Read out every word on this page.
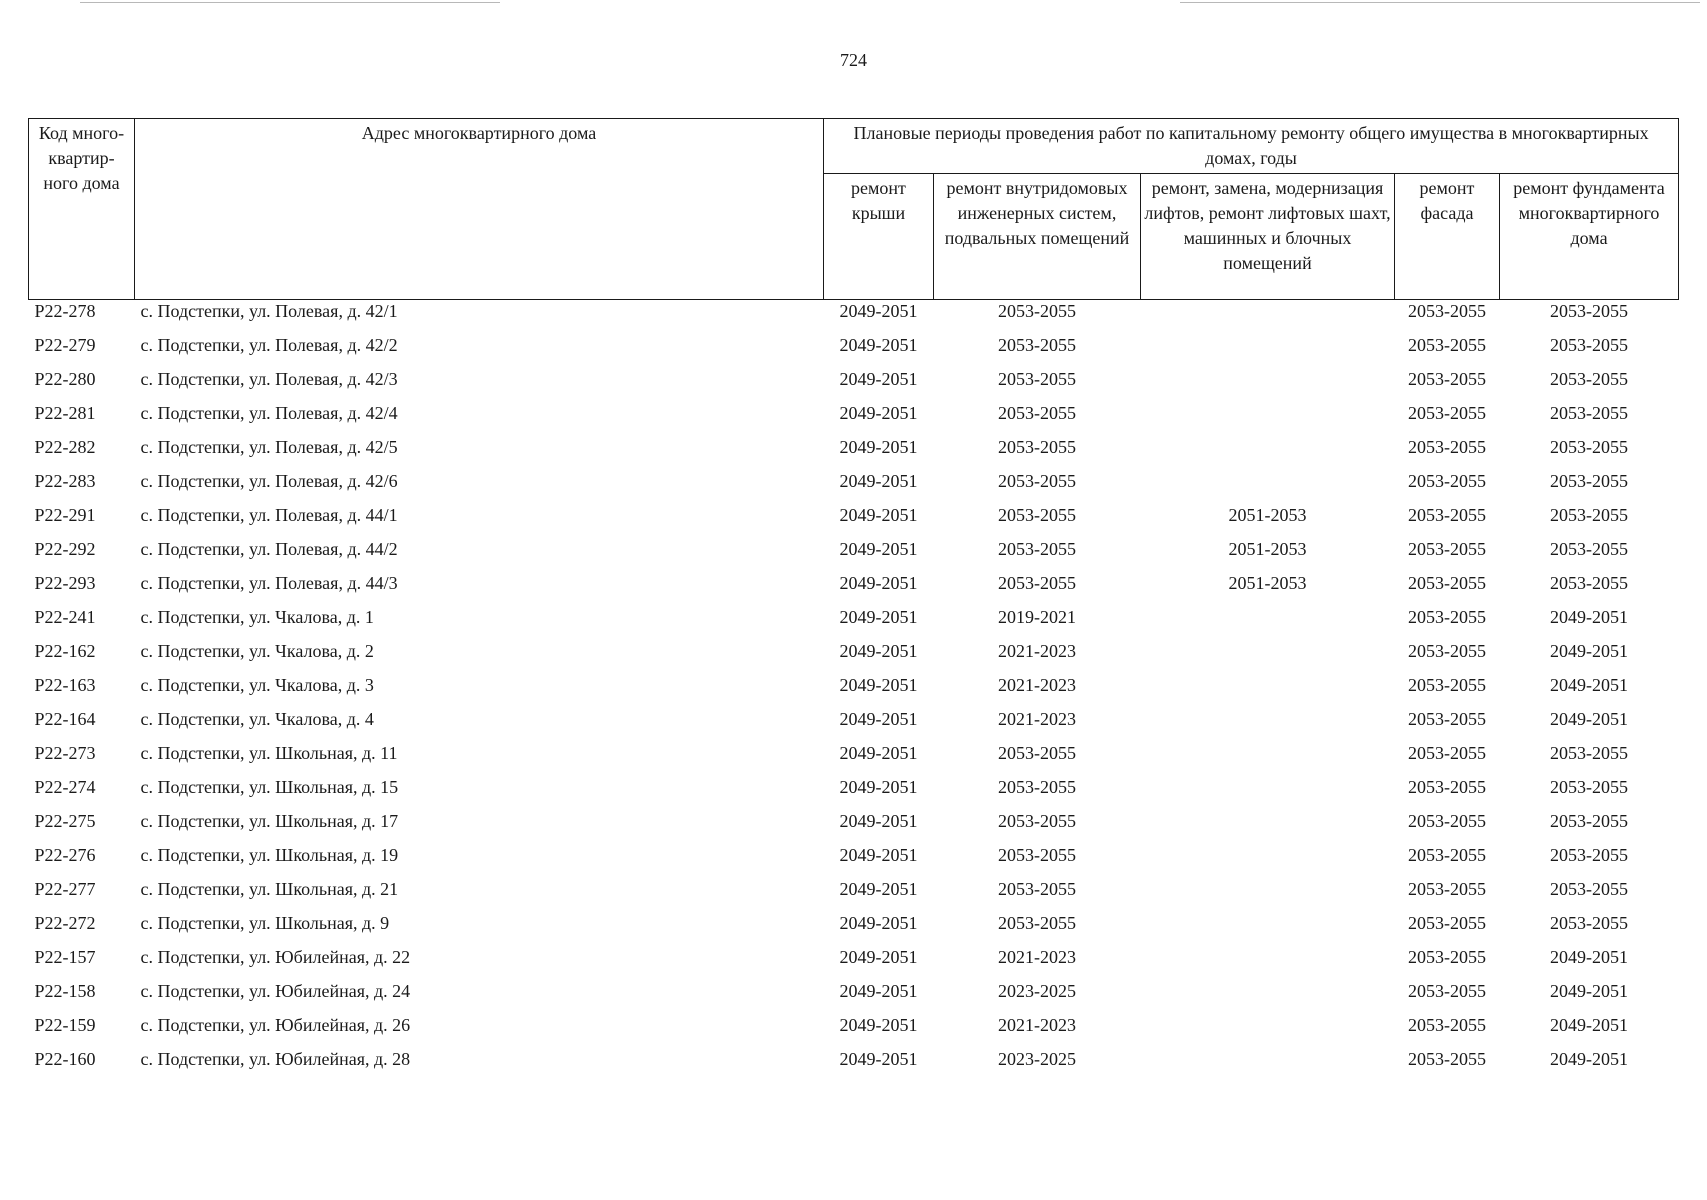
724
Код много-квартир-ного дома	Адрес многоквартирного дома	Плановые периоды проведения работ по капитальному ремонту общего имущества в многоквартирных домах, годы				
		ремонт крыши	ремонт внутридомовых инженерных систем, подвальных помещений	ремонт, замена, модернизация лифтов, ремонт лифтовых шахт, машинных и блочных помещений	ремонт фасада	ремонт фундамента многоквартирного дома
Р22-278	с. Подстепки, ул. Полевая, д. 42/1	2049-2051	2053-2055		2053-2055	2053-2055
Р22-279	с. Подстепки, ул. Полевая, д. 42/2	2049-2051	2053-2055		2053-2055	2053-2055
Р22-280	с. Подстепки, ул. Полевая, д. 42/3	2049-2051	2053-2055		2053-2055	2053-2055
Р22-281	с. Подстепки, ул. Полевая, д. 42/4	2049-2051	2053-2055		2053-2055	2053-2055
Р22-282	с. Подстепки, ул. Полевая, д. 42/5	2049-2051	2053-2055		2053-2055	2053-2055
Р22-283	с. Подстепки, ул. Полевая, д. 42/6	2049-2051	2053-2055		2053-2055	2053-2055
Р22-291	с. Подстепки, ул. Полевая, д. 44/1	2049-2051	2053-2055	2051-2053	2053-2055	2053-2055
Р22-292	с. Подстепки, ул. Полевая, д. 44/2	2049-2051	2053-2055	2051-2053	2053-2055	2053-2055
Р22-293	с. Подстепки, ул. Полевая, д. 44/3	2049-2051	2053-2055	2051-2053	2053-2055	2053-2055
Р22-241	с. Подстепки, ул. Чкалова, д. 1	2049-2051	2019-2021		2053-2055	2049-2051
Р22-162	с. Подстепки, ул. Чкалова, д. 2	2049-2051	2021-2023		2053-2055	2049-2051
Р22-163	с. Подстепки, ул. Чкалова, д. 3	2049-2051	2021-2023		2053-2055	2049-2051
Р22-164	с. Подстепки, ул. Чкалова, д. 4	2049-2051	2021-2023		2053-2055	2049-2051
Р22-273	с. Подстепки, ул. Школьная, д. 11	2049-2051	2053-2055		2053-2055	2053-2055
Р22-274	с. Подстепки, ул. Школьная, д. 15	2049-2051	2053-2055		2053-2055	2053-2055
Р22-275	с. Подстепки, ул. Школьная, д. 17	2049-2051	2053-2055		2053-2055	2053-2055
Р22-276	с. Подстепки, ул. Школьная, д. 19	2049-2051	2053-2055		2053-2055	2053-2055
Р22-277	с. Подстепки, ул. Школьная, д. 21	2049-2051	2053-2055		2053-2055	2053-2055
Р22-272	с. Подстепки, ул. Школьная, д. 9	2049-2051	2053-2055		2053-2055	2053-2055
Р22-157	с. Подстепки, ул. Юбилейная, д. 22	2049-2051	2021-2023		2053-2055	2049-2051
Р22-158	с. Подстепки, ул. Юбилейная, д. 24	2049-2051	2023-2025		2053-2055	2049-2051
Р22-159	с. Подстепки, ул. Юбилейная, д. 26	2049-2051	2021-2023		2053-2055	2049-2051
Р22-160	с. Подстепки, ул. Юбилейная, д. 28	2049-2051	2023-2025		2053-2055	2049-2051
